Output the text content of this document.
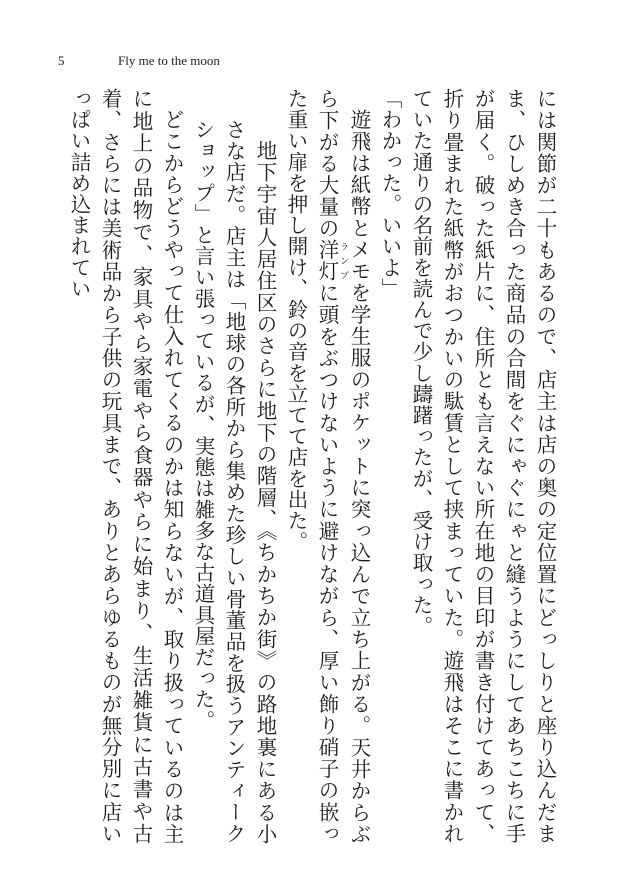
5	Fly me to the moon

には関節が二十もあるので、店主は店の奥の定位置にどっしりと座り込んだまま、ひしめき合った商品の合間をぐにゃぐにゃと縫うようにしてあちこちに手が届く。破った紙片に、住所とも言えない所在地の目印が書き付けてあって、折り畳まれた紙幣がおつかいの駄賃として挟まっていた。遊飛はそこに書かれていた通りの名前を読んで少し躊躇ったが、受け取った。

「わかった。いいよ」

遊飛は紙幣とメモを学生服のポケットに突っ込んで立ち上がる。天井からぶら下がる大量の洋灯 ランプに頭をぶつけないように避けながら、厚い飾り硝子の嵌った重い扉を押し開け、鈴の音を立てて店を出た。

地下宇宙人居住区のさらに地下の階層、《ちかちか街》の路地裏にある小さな店だ。店主は「地球の各所から集めた珍しい骨董品を扱うアンティークショップ」と言い張っているが、実態は雑多な古道具屋だった。

どこからどうやって仕入れてくるのかは知らないが、取り扱っているのは主に地上の品物で、家具やら家電やら食器やらに始まり、生活雑貨に古書や古着、さらには美術品から子供の玩具まで、ありとあらゆるものが無分別に店いっぱい詰め込まれてい
